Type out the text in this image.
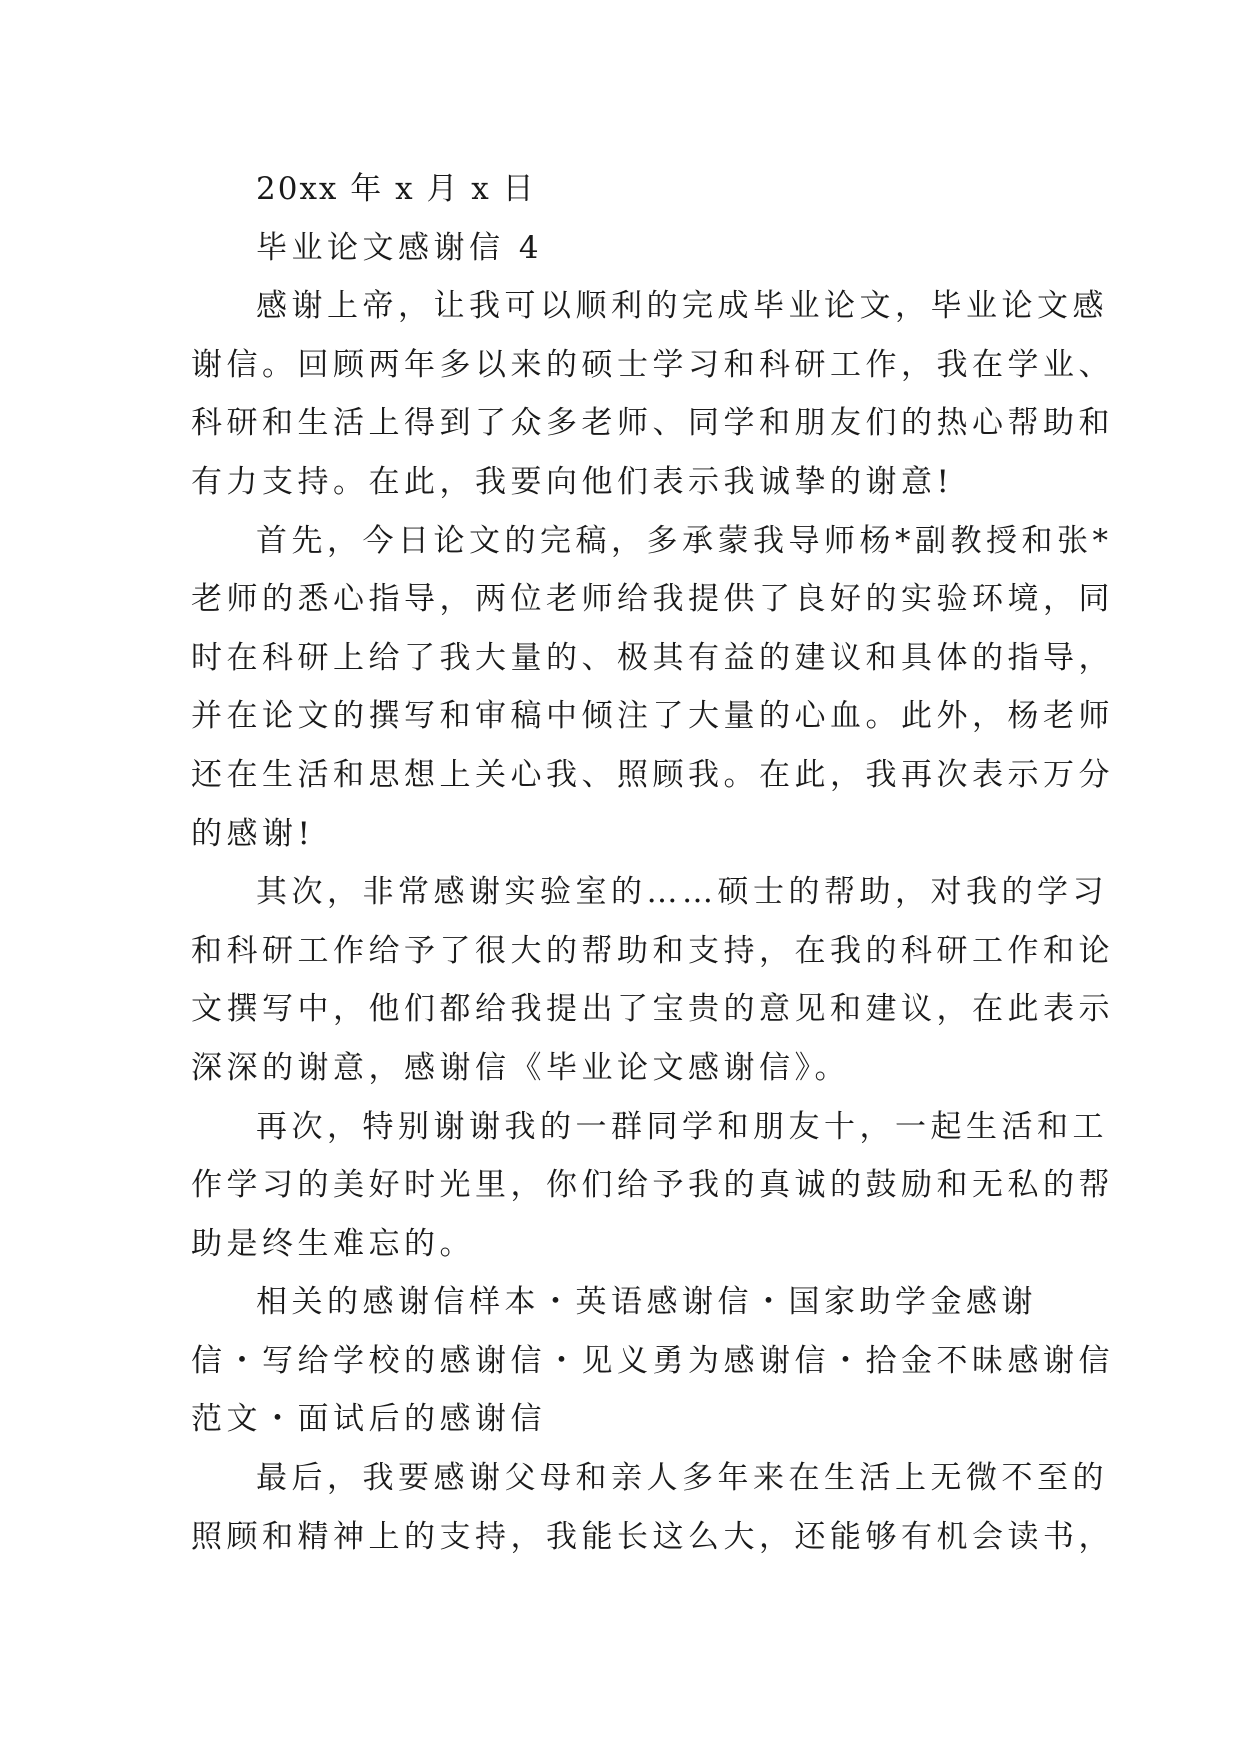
20xx 年 x 月 x 日
毕业论文感谢信 4
感谢上帝，让我可以顺利的完成毕业论文，毕业论文感
谢信。回顾两年多以来的硕士学习和科研工作，我在学业、
科研和生活上得到了众多老师、同学和朋友们的热心帮助和
有力支持。在此，我要向他们表示我诚挚的谢意!
首先，今日论文的完稿，多承蒙我导师杨*副教授和张*
老师的悉心指导，两位老师给我提供了良好的实验环境，同
时在科研上给了我大量的、极其有益的建议和具体的指导，
并在论文的撰写和审稿中倾注了大量的心血。此外，杨老师
还在生活和思想上关心我、照顾我。在此，我再次表示万分
的感谢!
其次，非常感谢实验室的……硕士的帮助，对我的学习
和科研工作给予了很大的帮助和支持，在我的科研工作和论
文撰写中，他们都给我提出了宝贵的意见和建议，在此表示
深深的谢意，感谢信《毕业论文感谢信》。
再次，特别谢谢我的一群同学和朋友十，一起生活和工
作学习的美好时光里，你们给予我的真诚的鼓励和无私的帮
助是终生难忘的。
相关的感谢信样本・英语感谢信・国家助学金感谢
信・写给学校的感谢信・见义勇为感谢信・拾金不昧感谢信
范文・面试后的感谢信
最后，我要感谢父母和亲人多年来在生活上无微不至的
照顾和精神上的支持，我能长这么大，还能够有机会读书，
